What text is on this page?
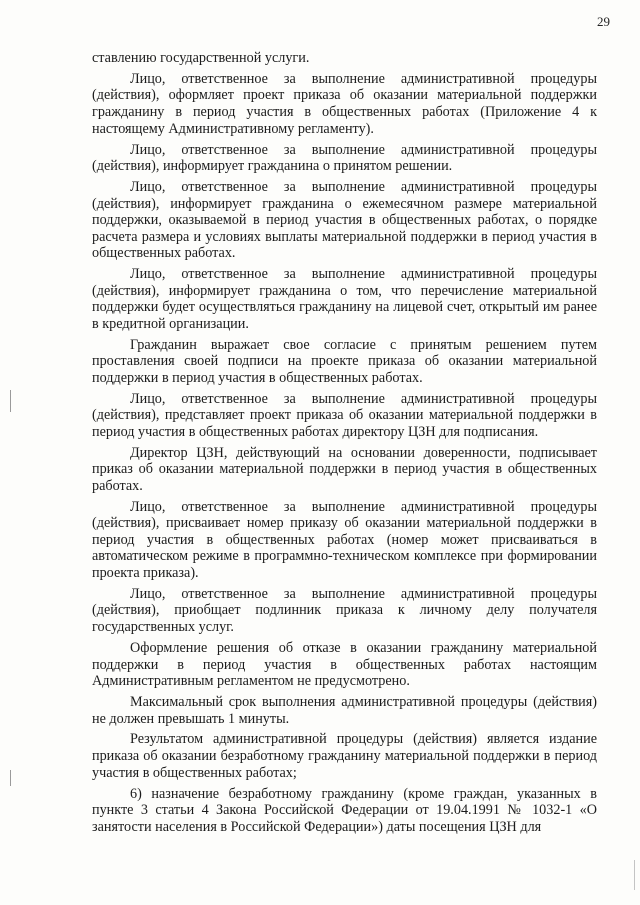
29

ставлению государственной услуги.

Лицо, ответственное за выполнение административной процедуры (действия), оформляет проект приказа об оказании материальной поддержки гражданину в период участия в общественных работах (Приложение 4 к настоящему Административному регламенту).

Лицо, ответственное за выполнение административной процедуры (действия), информирует гражданина о принятом решении.

Лицо, ответственное за выполнение административной процедуры (действия), информирует гражданина о ежемесячном размере материальной поддержки, оказываемой в период участия в общественных работах, о порядке расчета размера и условиях выплаты материальной поддержки в период участия в общественных работах.

Лицо, ответственное за выполнение административной процедуры (действия), информирует гражданина о том, что перечисление материальной поддержки будет осуществляться гражданину на лицевой счет, открытый им ранее в кредитной организации.

Гражданин выражает свое согласие с принятым решением путем проставления своей подписи на проекте приказа об оказании материальной поддержки в период участия в общественных работах.

Лицо, ответственное за выполнение административной процедуры (действия), представляет проект приказа об оказании материальной поддержки в период участия в общественных работах директору ЦЗН для подписания.

Директор ЦЗН, действующий на основании доверенности, подписывает приказ об оказании материальной поддержки в период участия в общественных работах.

Лицо, ответственное за выполнение административной процедуры (действия), присваивает номер приказу об оказании материальной поддержки в период участия в общественных работах (номер может присваиваться в автоматическом режиме в программно-техническом комплексе при формировании проекта приказа).

Лицо, ответственное за выполнение административной процедуры (действия), приобщает подлинник приказа к личному делу получателя государственных услуг.

Оформление решения об отказе в оказании гражданину материальной поддержки в период участия в общественных работах настоящим Административным регламентом не предусмотрено.

Максимальный срок выполнения административной процедуры (действия) не должен превышать 1 минуты.

Результатом административной процедуры (действия) является издание приказа об оказании безработному гражданину материальной поддержки в период участия в общественных работах;

6) назначение безработному гражданину (кроме граждан, указанных в пункте 3 статьи 4 Закона Российской Федерации от 19.04.1991 № 1032-1 «О занятости населения в Российской Федерации») даты посещения ЦЗН для
